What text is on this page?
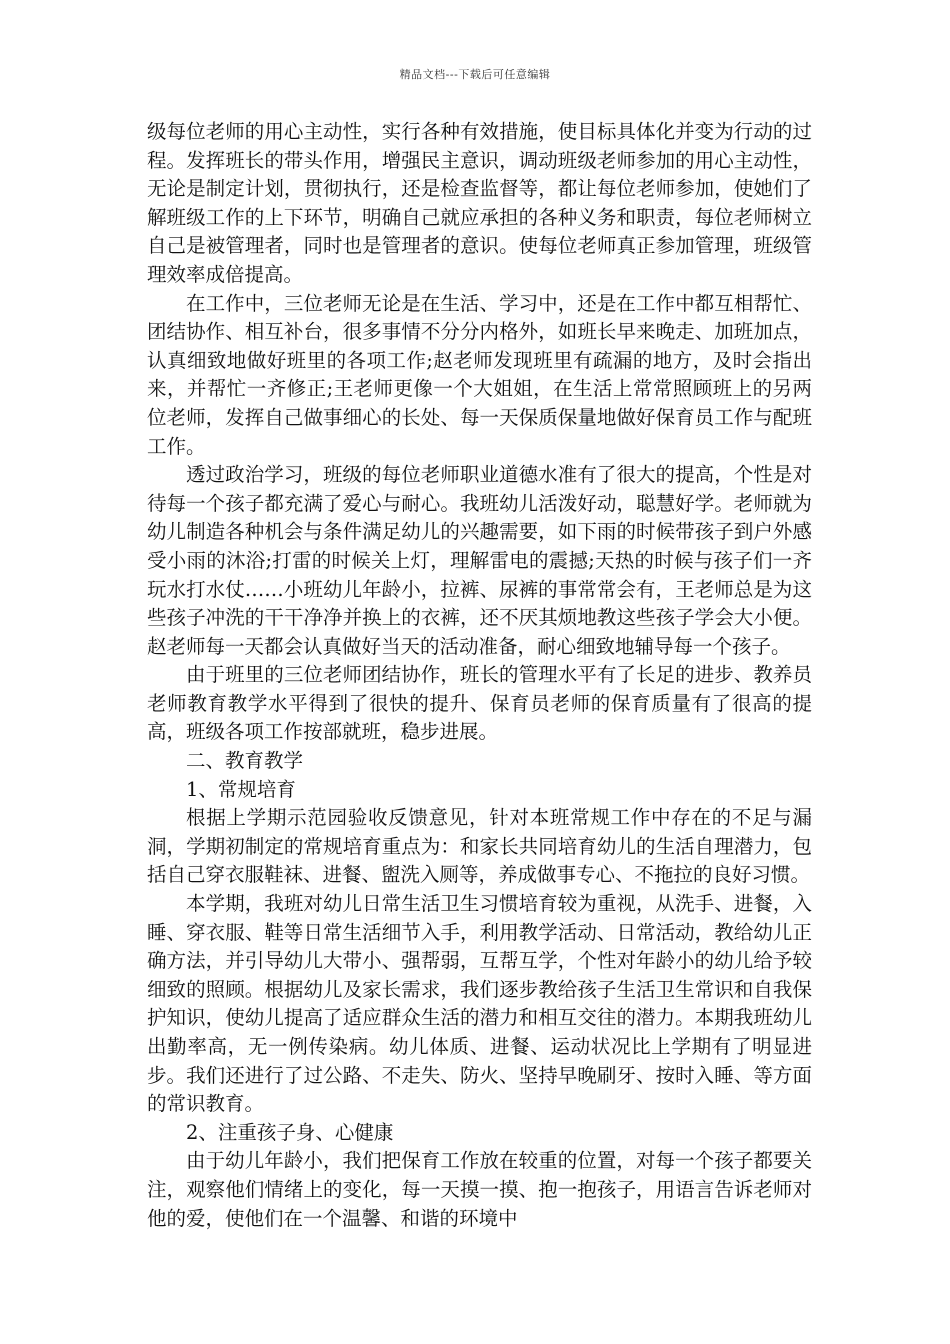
精品文档---下载后可任意编辑

级每位老师的用心主动性，实行各种有效措施，使目标具体化并变为行动的过程。发挥班长的带头作用，增强民主意识，调动班级老师参加的用心主动性，无论是制定计划，贯彻执行，还是检查监督等，都让每位老师参加，使她们了解班级工作的上下环节，明确自己就应承担的各种义务和职责，每位老师树立自己是被管理者，同时也是管理者的意识。使每位老师真正参加管理，班级管理效率成倍提高。

在工作中，三位老师无论是在生活、学习中，还是在工作中都互相帮忙、团结协作、相互补台，很多事情不分分内格外，如班长早来晚走、加班加点，认真细致地做好班里的各项工作;赵老师发现班里有疏漏的地方，及时会指出来，并帮忙一齐修正;王老师更像一个大姐姐，在生活上常常照顾班上的另两位老师，发挥自己做事细心的长处、每一天保质保量地做好保育员工作与配班工作。

透过政治学习，班级的每位老师职业道德水准有了很大的提高，个性是对待每一个孩子都充满了爱心与耐心。我班幼儿活泼好动，聪慧好学。老师就为幼儿制造各种机会与条件满足幼儿的兴趣需要，如下雨的时候带孩子到户外感受小雨的沐浴;打雷的时候关上灯，理解雷电的震撼;天热的时候与孩子们一齐玩水打水仗……小班幼儿年龄小，拉裤、尿裤的事常常会有，王老师总是为这些孩子冲洗的干干净净并换上的衣裤，还不厌其烦地教这些孩子学会大小便。赵老师每一天都会认真做好当天的活动准备，耐心细致地辅导每一个孩子。

由于班里的三位老师团结协作，班长的管理水平有了长足的进步、教养员老师教育教学水平得到了很快的提升、保育员老师的保育质量有了很高的提高，班级各项工作按部就班，稳步进展。

二、教育教学

1、常规培育

根据上学期示范园验收反馈意见，针对本班常规工作中存在的不足与漏洞，学期初制定的常规培育重点为：和家长共同培育幼儿的生活自理潜力，包括自己穿衣服鞋袜、进餐、盥洗入厕等，养成做事专心、不拖拉的良好习惯。

本学期，我班对幼儿日常生活卫生习惯培育较为重视，从洗手、进餐，入睡、穿衣服、鞋等日常生活细节入手，利用教学活动、日常活动，教给幼儿正确方法，并引导幼儿大带小、强帮弱，互帮互学，个性对年龄小的幼儿给予较细致的照顾。根据幼儿及家长需求，我们逐步教给孩子生活卫生常识和自我保护知识，使幼儿提高了适应群众生活的潜力和相互交往的潜力。本期我班幼儿出勤率高，无一例传染病。幼儿体质、进餐、运动状况比上学期有了明显进步。我们还进行了过公路、不走失、防火、坚持早晚刷牙、按时入睡、等方面的常识教育。

2、注重孩子身、心健康

由于幼儿年龄小，我们把保育工作放在较重的位置，对每一个孩子都要关注，观察他们情绪上的变化，每一天摸一摸、抱一抱孩子，用语言告诉老师对他的爱，使他们在一个温馨、和谐的环境中
